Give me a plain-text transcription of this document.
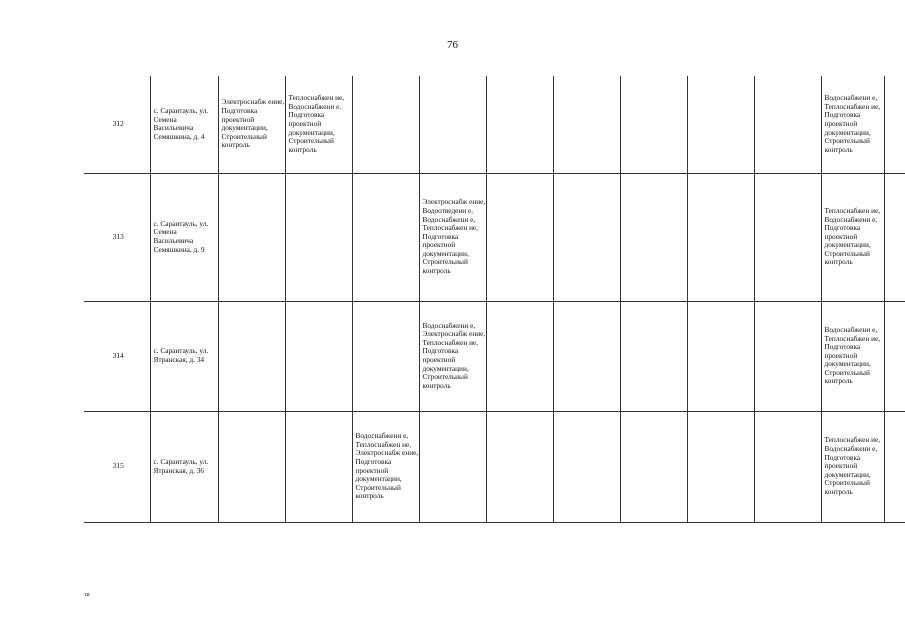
76
312	с. Сараитауль, ул. Семена Васильевича Семяшкина, д. 4	Электроснабж ение, Подготовка проектной документации, Строительный контроль	Теплоснабжен ие, Водоснабжени е. Подготовка проектной документации, Строительный контроль								Водоснабжени е, Теплоснабжен ие, Подготовка проектной документации, Строительный контроль	
313	с. Сараитауль, ул. Семена Васильевича Семяшкина, д. 9				Электроснабж ение, Водоотведени е, Водоснабжени е, Теплоснабжен ие, Подготовка проектной документации, Строительный контроль						Теплоснабжен ие, Водоснабжени е, Подготовка проектной документации, Строительный контроль	
314	с. Сараитауль, ул. Ятранская, д. 34				Водоснабжени е, Электроснабж ение, Теплоснабжен ие, Подготовка проектной документации, Строительный контроль						Водоснабжени е, Теплоснабжен ие, Подготовка проектной документации, Строительный контроль	
315	с. Сараитауль, ул. Ятранская, д. 36			Водоснабжени е, Теплоснабжен ие, Электроснабж ение, Подготовка проектной документации, Строительный контроль							Теплоснабжен ие, Водоснабжени е, Подготовка проектной документации, Строительный контроль	
ш
